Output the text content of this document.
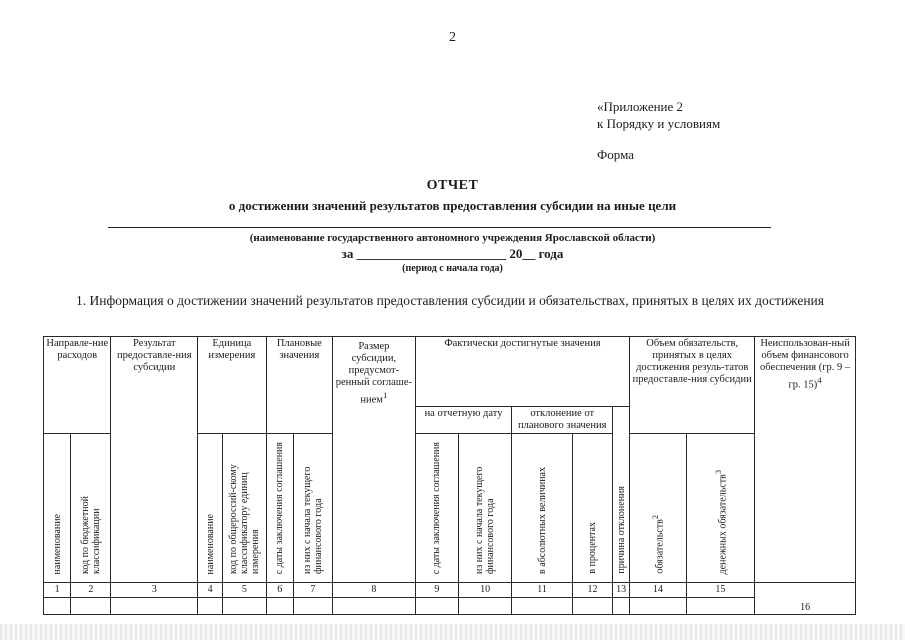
2
«Приложение 2
к Порядку и условиям
Форма
ОТЧЕТ
о достижении значений результатов предоставления субсидии на иные цели
(наименование государственного автономного учреждения Ярославской области)
за _______________________ 20__ года
(период с начала года)
1. Информация о достижении значений результатов предоставления субсидии и обязательствах, принятых в целях их достижения
Направле-ние расходов		Результат предоставле-ния субсидии	Единица измерения		Плановые значения		Размер субсидии, предусмот-ренный соглаше-нием$^1$	Фактически достигнутые значения					Объем обязательств, принятых в целях достижения резуль-татов предоставле-ния субсидии		Неиспользован-ный объем финансового обеспечения (гр. 9 – гр. 15)$^4$
								на отчетную дату		отклонение от планового значения		причина отклонения			
наименование	код по бюджетной классификации		наименование	код по общероссий-скому классификатору единиц измерения	с даты заключения соглашения	из них с начала текущего финансового года		с даты заключения соглашения	из них с начала текущего финансового года	в абсолютных величинах	в процентах		обязательств$^2$	денежных обязательств$^3$
1	2	3	4	5	6	7	8	9	10	11	12	13	14	15	16
